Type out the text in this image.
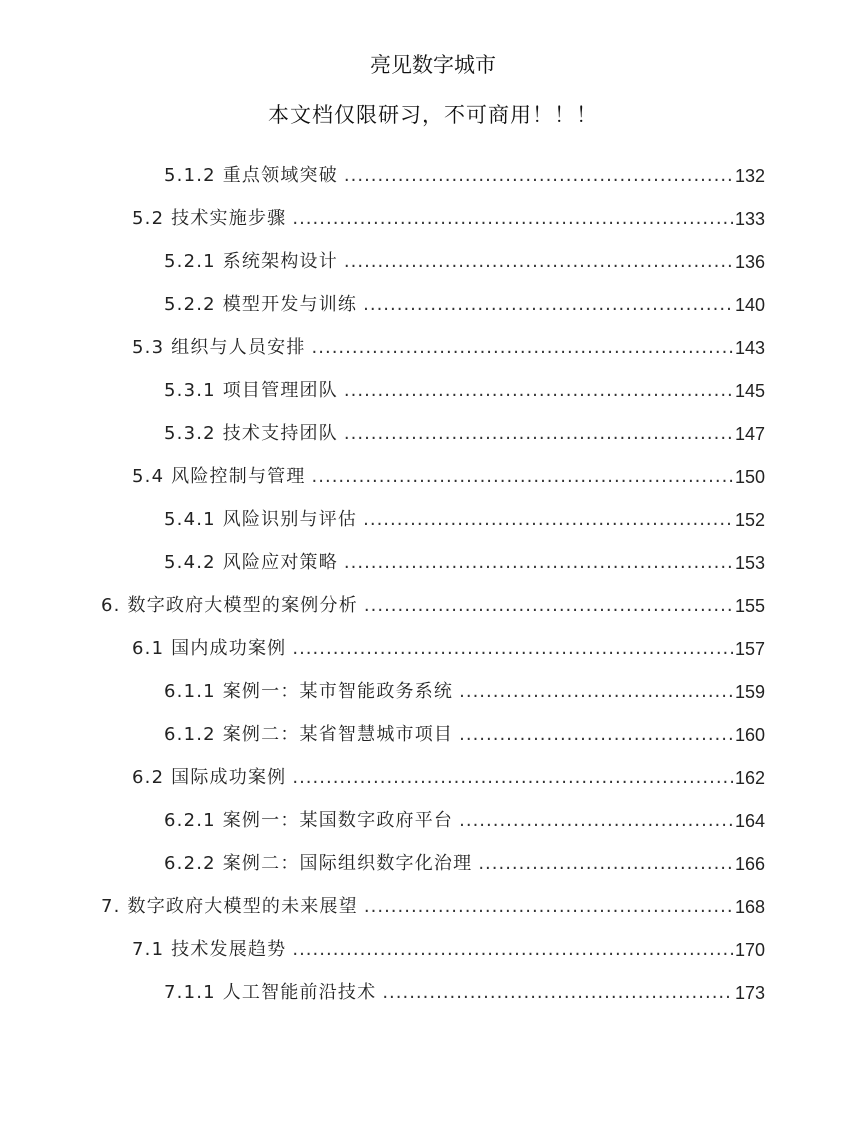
亮见数字城市
本文档仅限研习，不可商用！！！
5.1.2 重点领域突破 .....	132
5.2 技术实施步骤 .....	133
5.2.1 系统架构设计 .....	136
5.2.2 模型开发与训练 .....	140
5.3 组织与人员安排 .....	143
5.3.1 项目管理团队 .....	145
5.3.2 技术支持团队 .....	147
5.4 风险控制与管理 .....	150
5.4.1 风险识别与评估 .....	152
5.4.2 风险应对策略 .....	153
6. 数字政府大模型的案例分析 .....	155
6.1 国内成功案例 .....	157
6.1.1 案例一：某市智能政务系统 .....	159
6.1.2 案例二：某省智慧城市项目 .....	160
6.2 国际成功案例 .....	162
6.2.1 案例一：某国数字政府平台 .....	164
6.2.2 案例二：国际组织数字化治理 .....	166
7. 数字政府大模型的未来展望 .....	168
7.1 技术发展趋势 .....	170
7.1.1 人工智能前沿技术 .....	173
